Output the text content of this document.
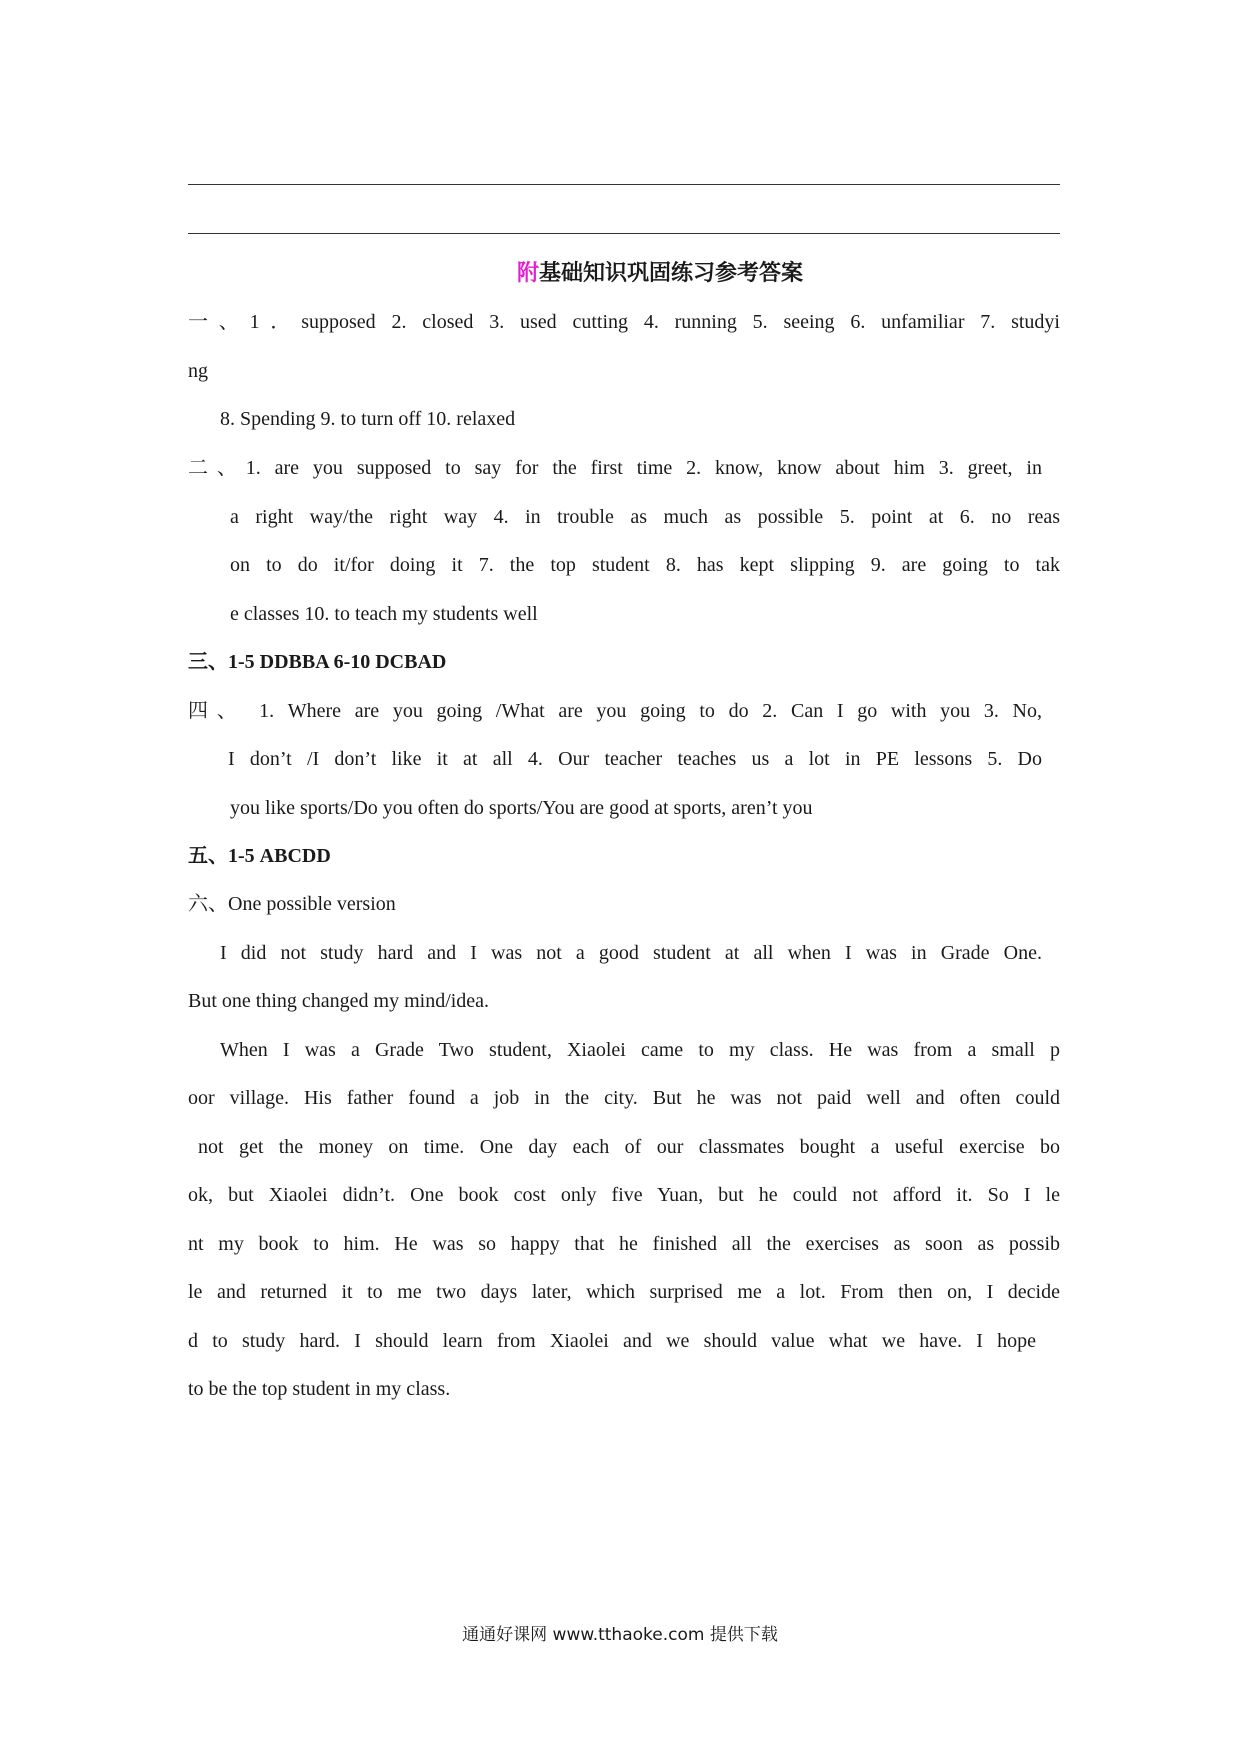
附基础知识巩固练习参考答案
一、1．supposed 2. closed 3. used cutting 4. running 5. seeing 6. unfamiliar 7. studyi
ng
8. Spending 9. to turn off 10. relaxed
二、1. are you supposed to say for the first time 2. know, know about him 3. greet, in
a right way/the right way 4. in trouble as much as possible 5. point at 6. no reas
on to do it/for doing it 7. the top student 8. has kept slipping 9. are going to tak
e classes 10. to teach my students well
三、1-5 DDBBA 6-10 DCBAD
四、 1. Where are you going /What are you going to do 2. Can I go with you 3. No,
I don’t /I don’t like it at all 4. Our teacher teaches us a lot in PE lessons 5. Do
you like sports/Do you often do sports/You are good at sports, aren’t you
五、1-5 ABCDD
六、One possible version
I did not study hard and I was not a good student at all when I was in Grade One.
But one thing changed my mind/idea.
When I was a Grade Two student, Xiaolei came to my class. He was from a small p
oor village. His father found a job in the city. But he was not paid well and often could
not get the money on time. One day each of our classmates bought a useful exercise bo
ok, but Xiaolei didn’t. One book cost only five Yuan, but he could not afford it. So I le
nt my book to him. He was so happy that he finished all the exercises as soon as possib
le and returned it to me two days later, which surprised me a lot. From then on, I decide
d to study hard. I should learn from Xiaolei and we should value what we have. I hope
to be the top student in my class.
通通好课网 www.tthaoke.com 提供下载
